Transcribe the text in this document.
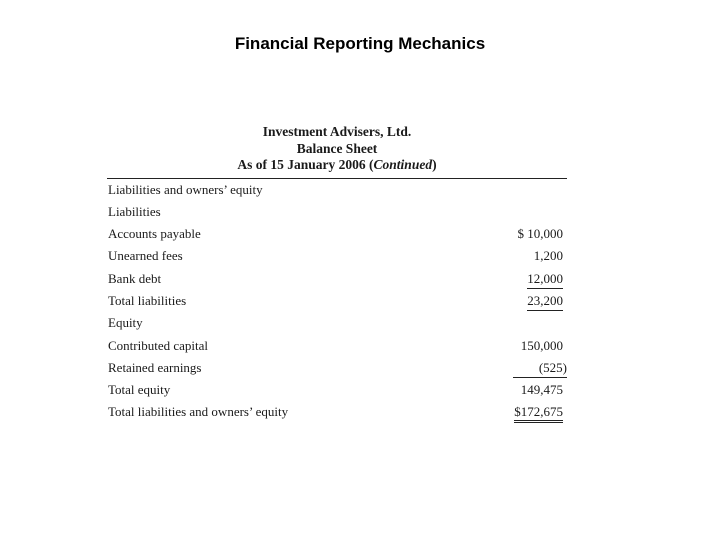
Financial Reporting Mechanics
Investment Advisers, Ltd.
Balance Sheet
As of 15 January 2006 (Continued)
Liabilities and owners’ equity
Liabilities
Accounts payable	$ 10,000
Unearned fees	1,200
Bank debt	12,000
Total liabilities	23,200
Equity
Contributed capital	150,000
Retained earnings	(525)
Total equity	149,475
Total liabilities and owners’ equity	$172,675
